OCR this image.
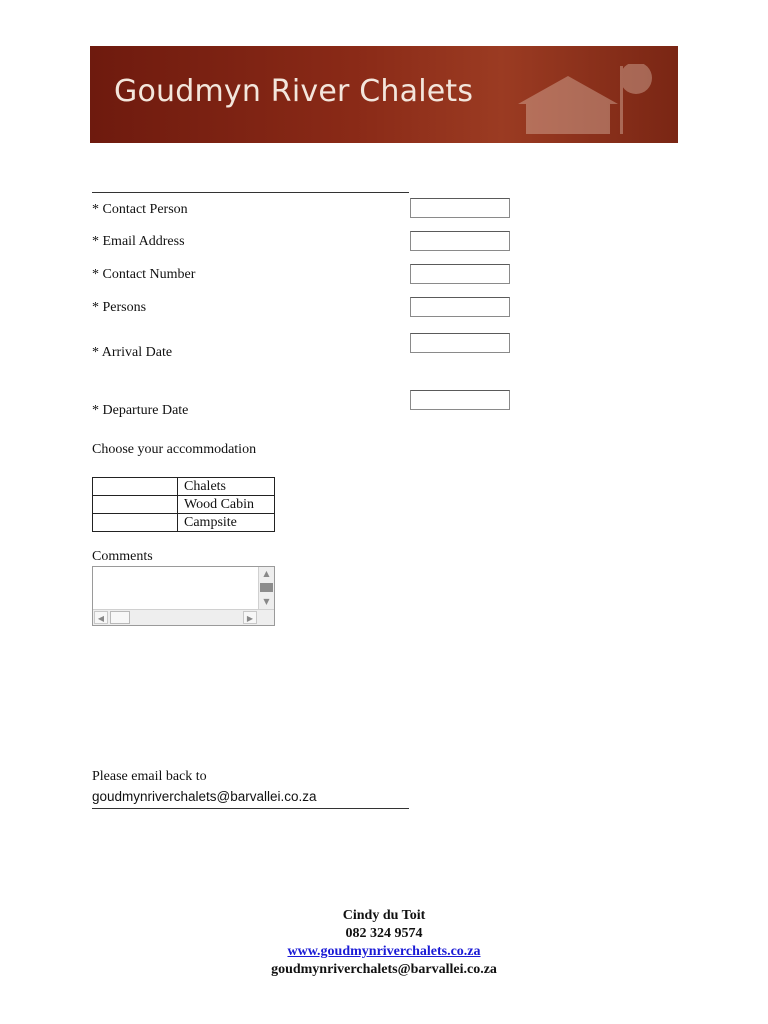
Goudmyn River Chalets
* Contact Person
* Email Address
* Contact Number
* Persons
* Arrival Date
* Departure Date
Choose your accommodation
	Chalets
	Wood Cabin
	Campsite
Comments
▲
▼
◀	▶
Please email back to
goudmynriverchalets@barvallei.co.za
Cindy du Toit
082 324 9574
www.goudmynriverchalets.co.za
goudmynriverchalets@barvallei.co.za
